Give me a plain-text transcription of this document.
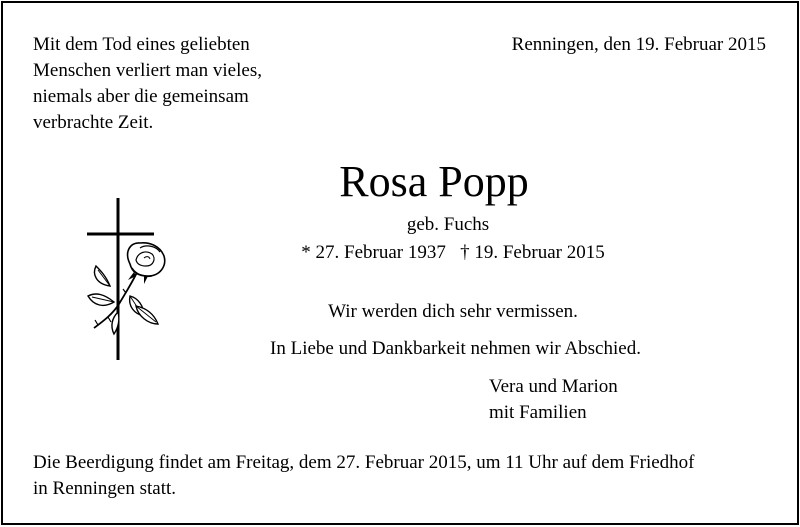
Mit dem Tod eines geliebten
Menschen verliert man vieles,
niemals aber die gemeinsam
verbrachte Zeit.
Renningen, den 19. Februar 2015
Rosa Popp
geb. Fuchs
* 27. Februar 1937   † 19. Februar 2015
Wir werden dich sehr vermissen.
In Liebe und Dankbarkeit nehmen wir Abschied.
Vera und Marion
mit Familien
Die Beerdigung findet am Freitag, dem 27. Februar 2015, um 11 Uhr auf dem Friedhof
in Renningen statt.
